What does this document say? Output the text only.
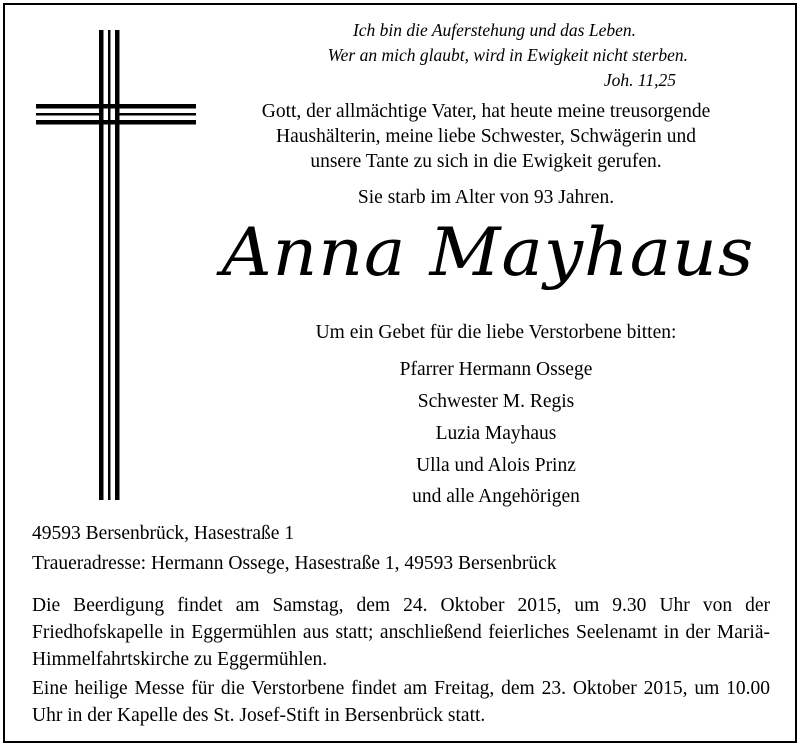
Ich bin die Auferstehung und das Leben.
Wer an mich glaubt, wird in Ewigkeit nicht sterben.
Joh. 11,25
Gott, der allmächtige Vater, hat heute meine treusorgende
Haushälterin, meine liebe Schwester, Schwägerin und
unsere Tante zu sich in die Ewigkeit gerufen.
Sie starb im Alter von 93 Jahren.
Anna Mayhaus
Um ein Gebet für die liebe Verstorbene bitten:
Pfarrer Hermann Ossege
Schwester M. Regis
Luzia Mayhaus
Ulla und Alois Prinz
und alle Angehörigen
49593 Bersenbrück, Hasestraße 1
Traueradresse: Hermann Ossege, Hasestraße 1, 49593 Bersenbrück
Die Beerdigung findet am Samstag, dem 24. Oktober 2015, um 9.30 Uhr von der Friedhofskapelle in Eggermühlen aus statt; anschließend feierliches Seelenamt in der Mariä-Himmelfahrtskirche zu Eggermühlen.
Eine heilige Messe für die Verstorbene findet am Freitag, dem 23. Oktober 2015, um 10.00 Uhr in der Kapelle des St. Josef-Stift in Bersenbrück statt.
